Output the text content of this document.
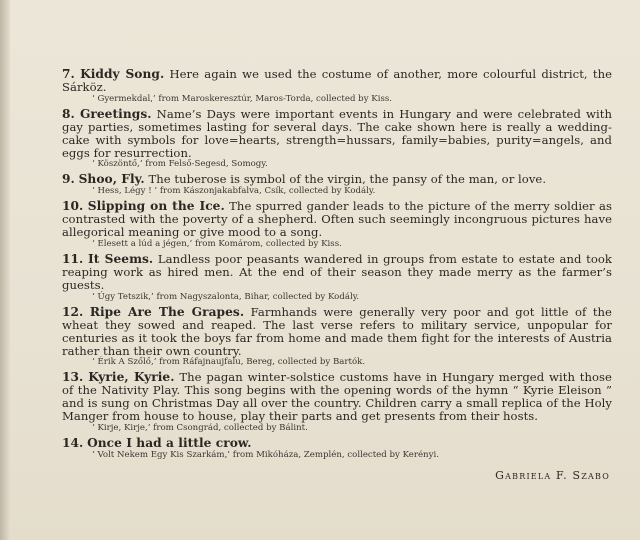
7. Kiddy Song. Here again we used the costume of another, more colourful district, the Sárköz.
‘ Gyermekdal,’ from Maroskeresztúr, Maros-Torda, collected by Kiss.
8. Greetings. Name’s Days were important events in Hungary and were celebrated with gay parties, sometimes lasting for several days. The cake shown here is really a wedding-cake with symbols for love=hearts, strength=hussars, family=babies, purity=angels, and eggs for resurrection.
‘ Köszöntő,’ from Felső-Segesd, Somogy.
9. Shoo, Fly. The tuberose is symbol of the virgin, the pansy of the man, or love.
‘ Hess, Légy ! ’ from Kászonjakabfalva, Csík, collected by Kodály.
10. Slipping on the Ice. The spurred gander leads to the picture of the merry soldier as contrasted with the poverty of a shepherd. Often such seemingly incongruous pictures have allegorical meaning or give mood to a song.
‘ Elesett a lúd a jégen,’ from Komárom, collected by Kiss.
11. It Seems. Landless poor peasants wandered in groups from estate to estate and took reaping work as hired men. At the end of their season they made merry as the farmer’s guests.
‘ Úgy Tetszik,’ from Nagyszalonta, Bihar, collected by Kodály.
12. Ripe Are The Grapes. Farmhands were generally very poor and got little of the wheat they sowed and reaped. The last verse refers to military service, unpopular for centuries as it took the boys far from home and made them fight for the interests of Austria rather than their own country.
‘ Érik A Szőlő,’ from Ráfajnaujfalu, Bereg, collected by Bartók.
13. Kyrie, Kyrie. The pagan winter-solstice customs have in Hungary merged with those of the Nativity Play. This song begins with the opening words of the hymn “ Kyrie Eleison ” and is sung on Christmas Day all over the country. Children carry a small replica of the Holy Manger from house to house, play their parts and get presents from their hosts.
‘ Kirje, Kirje,’ from Csongrád, collected by Bálint.
14. Once I had a little crow.
‘ Volt Nekem Egy Kis Szarkám,’ from Mikóháza, Zemplén, collected by Kerényi.
Gabriela F. Szabo
